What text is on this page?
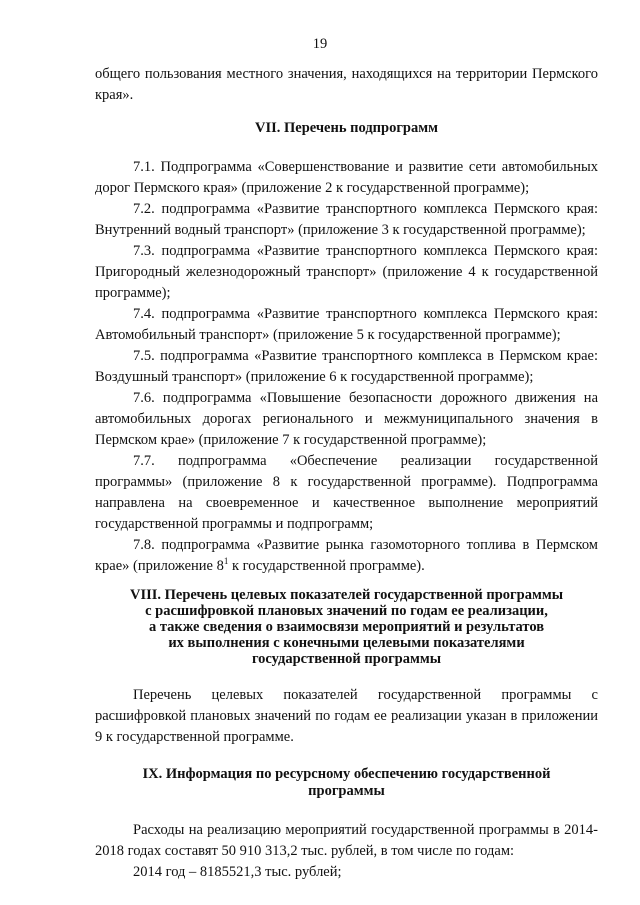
19

общего пользования местного значения, находящихся на территории Пермского края».

VII. Перечень подпрограмм

7.1. Подпрограмма «Совершенствование и развитие сети автомобильных дорог Пермского края» (приложение 2 к государственной программе);

7.2. подпрограмма «Развитие транспортного комплекса Пермского края: Внутренний водный транспорт» (приложение 3 к государственной программе);

7.3. подпрограмма «Развитие транспортного комплекса Пермского края: Пригородный железнодорожный транспорт» (приложение 4 к государственной программе);

7.4. подпрограмма «Развитие транспортного комплекса Пермского края: Автомобильный транспорт» (приложение 5 к государственной программе);

7.5. подпрограмма «Развитие транспортного комплекса в Пермском крае: Воздушный транспорт» (приложение 6 к государственной программе);

7.6. подпрограмма «Повышение безопасности дорожного движения на автомобильных дорогах регионального и межмуниципального значения в Пермском крае» (приложение 7 к государственной программе);

7.7. подпрограмма «Обеспечение реализации государственной программы» (приложение 8 к государственной программе). Подпрограмма направлена на своевременное и качественное выполнение мероприятий государственной программы и подпрограмм;

7.8. подпрограмма «Развитие рынка газомоторного топлива в Пермском крае» (приложение $8^1$ к государственной программе).

VIII. Перечень целевых показателей государственной программы
с расшифровкой плановых значений по годам ее реализации,
а также сведения о взаимосвязи мероприятий и результатов
их выполнения с конечными целевыми показателями
государственной программы

Перечень целевых показателей государственной программы с расшифровкой плановых значений по годам ее реализации указан в приложении 9 к государственной программе.

IX. Информация по ресурсному обеспечению государственной
программы

Расходы на реализацию мероприятий государственной программы в 2014-2018 годах составят 50 910 313,2 тыс. рублей, в том числе по годам:

2014 год – 8185521,3 тыс. рублей;
